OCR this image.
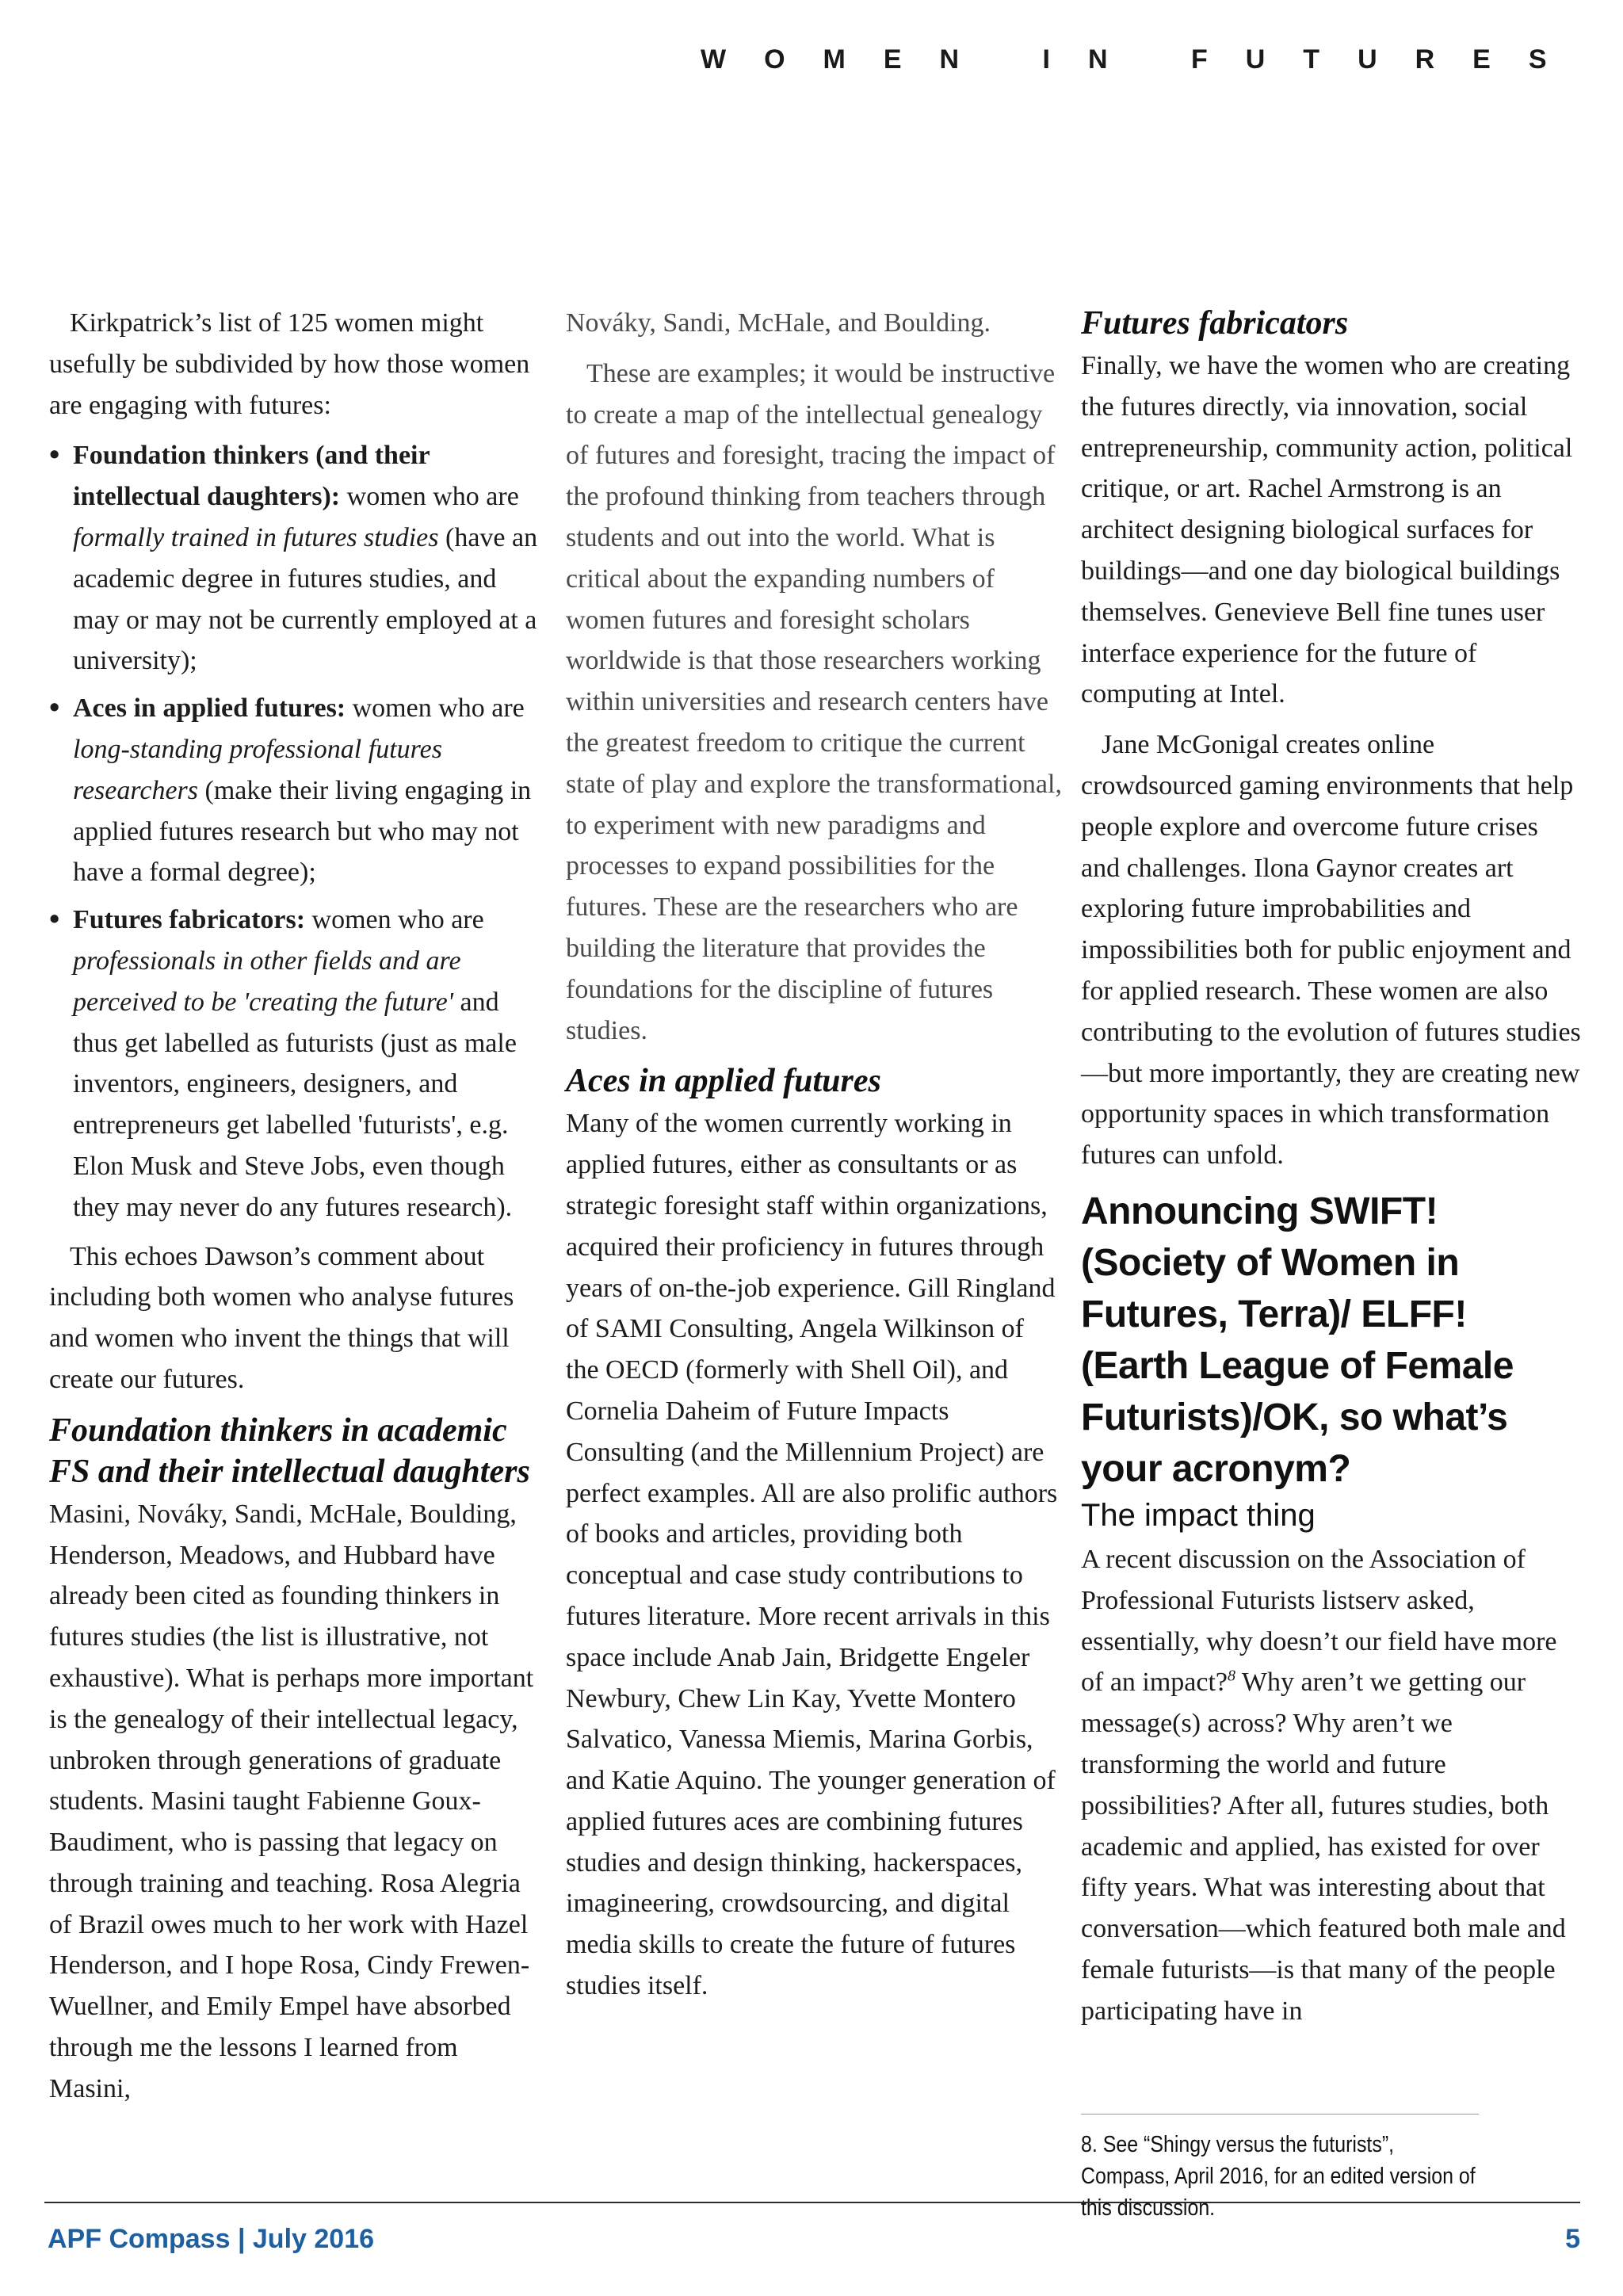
WOMEN IN FUTURES

Kirkpatrick’s list of 125 women might usefully be subdivided by how those women are engaging with futures:

• Foundation thinkers (and their intellectual daughters): women who are formally trained in futures studies (have an academic degree in futures studies, and may or may not be currently employed at a university);
• Aces in applied futures: women who are long-standing professional futures researchers (make their living engaging in applied futures research but who may not have a formal degree);
• Futures fabricators: women who are professionals in other fields and are perceived to be 'creating the future' and thus get labelled as futurists (just as male inventors, engineers, designers, and entrepreneurs get labelled 'futurists', e.g. Elon Musk and Steve Jobs, even though they may never do any futures research).

This echoes Dawson’s comment about including both women who analyse futures and women who invent the things that will create our futures.

Foundation thinkers in academic FS and their intellectual daughters

Masini, Nováky, Sandi, McHale, Boulding, Henderson, Meadows, and Hubbard have already been cited as founding thinkers in futures studies (the list is illustrative, not exhaustive). What is perhaps more important is the genealogy of their intellectual legacy, unbroken through generations of graduate students. Masini taught Fabienne Goux-Baudiment, who is passing that legacy on through training and teaching. Rosa Alegria of Brazil owes much to her work with Hazel Henderson, and I hope Rosa, Cindy Frewen-Wuellner, and Emily Empel have absorbed through me the lessons I learned from Masini,

Nováky, Sandi, McHale, and Boulding.

These are examples; it would be instructive to create a map of the intellectual genealogy of futures and foresight, tracing the impact of the profound thinking from teachers through students and out into the world. What is critical about the expanding numbers of women futures and foresight scholars worldwide is that those researchers working within universities and research centers have the greatest freedom to critique the current state of play and explore the transformational, to experiment with new paradigms and processes to expand possibilities for the futures. These are the researchers who are building the literature that provides the foundations for the discipline of futures studies.

Aces in applied futures

Many of the women currently working in applied futures, either as consultants or as strategic foresight staff within organizations, acquired their proficiency in futures through years of on-the-job experience. Gill Ringland of SAMI Consulting, Angela Wilkinson of the OECD (formerly with Shell Oil), and Cornelia Daheim of Future Impacts Consulting (and the Millennium Project) are perfect examples. All are also prolific authors of books and articles, providing both conceptual and case study contributions to futures literature. More recent arrivals in this space include Anab Jain, Bridgette Engeler Newbury, Chew Lin Kay, Yvette Montero Salvatico, Vanessa Miemis, Marina Gorbis, and Katie Aquino. The younger generation of applied futures aces are combining futures studies and design thinking, hackerspaces, imagineering, crowdsourcing, and digital media skills to create the future of futures studies itself.

Futures fabricators

Finally, we have the women who are creating the futures directly, via innovation, social entrepreneurship, community action, political critique, or art. Rachel Armstrong is an architect designing biological surfaces for buildings—and one day biological buildings themselves. Genevieve Bell fine tunes user interface experience for the future of computing at Intel.

Jane McGonigal creates online crowdsourced gaming environments that help people explore and overcome future crises and challenges. Ilona Gaynor creates art exploring future improbabilities and impossibilities both for public enjoyment and for applied research. These women are also contributing to the evolution of futures studies—but more importantly, they are creating new opportunity spaces in which transformation futures can unfold.

Announcing SWIFT! (Society of Women in Futures, Terra)/ ELFF! (Earth League of Female Futurists)/OK, so what’s your acronym?
The impact thing

A recent discussion on the Association of Professional Futurists listserv asked, essentially, why doesn’t our field have more of an impact?$^8$ Why aren’t we getting our message(s) across? Why aren’t we transforming the world and future possibilities? After all, futures studies, both academic and applied, has existed for over fifty years. What was interesting about that conversation—which featured both male and female futurists—is that many of the people participating have in

8. See “Shingy versus the futurists”, Compass, April 2016, for an edited version of this discussion.
APF Compass | July 2016	5
